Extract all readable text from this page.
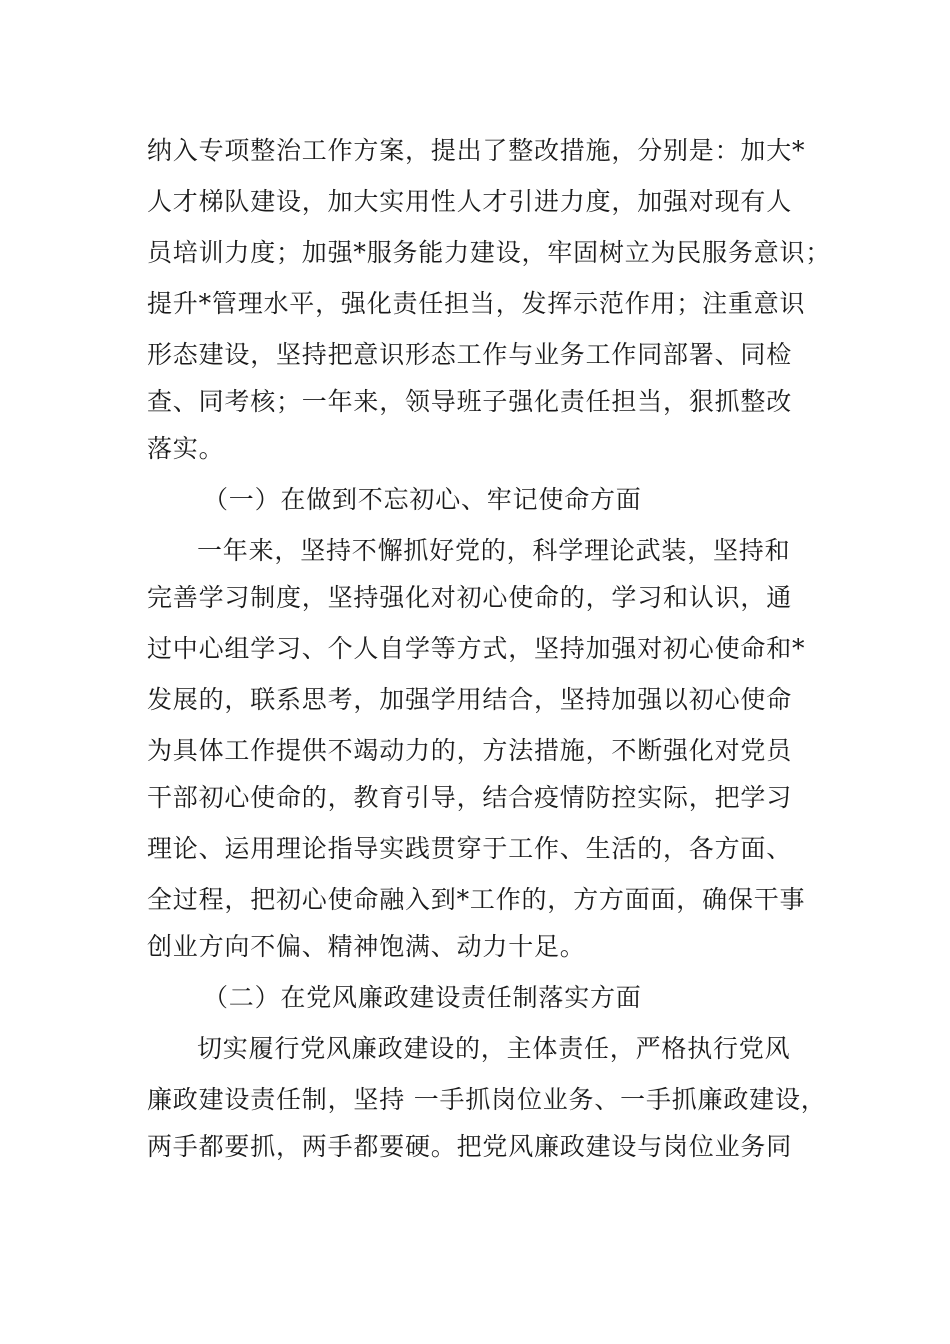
纳入专项整治工作方案，提出了整改措施，分别是：加大*
人才梯队建设，加大实用性人才引进力度，加强对现有人
员培训力度；加强*服务能力建设，牢固树立为民服务意识；
提升*管理水平，强化责任担当，发挥示范作用；注重意识
形态建设，坚持把意识形态工作与业务工作同部署、同检
查、同考核；一年来，领导班子强化责任担当，狠抓整改
落实。
（一）在做到不忘初心、牢记使命方面
一年来，坚持不懈抓好党的，科学理论武装，坚持和
完善学习制度，坚持强化对初心使命的，学习和认识，通
过中心组学习、个人自学等方式，坚持加强对初心使命和*
发展的，联系思考，加强学用结合，坚持加强以初心使命
为具体工作提供不竭动力的，方法措施，不断强化对党员
干部初心使命的，教育引导，结合疫情防控实际，把学习
理论、运用理论指导实践贯穿于工作、生活的，各方面、
全过程，把初心使命融入到*工作的，方方面面，确保干事
创业方向不偏、精神饱满、动力十足。
（二）在党风廉政建设责任制落实方面
切实履行党风廉政建设的，主体责任，严格执行党风
廉政建设责任制，坚持 一手抓岗位业务、一手抓廉政建设，
两手都要抓，两手都要硬。把党风廉政建设与岗位业务同
